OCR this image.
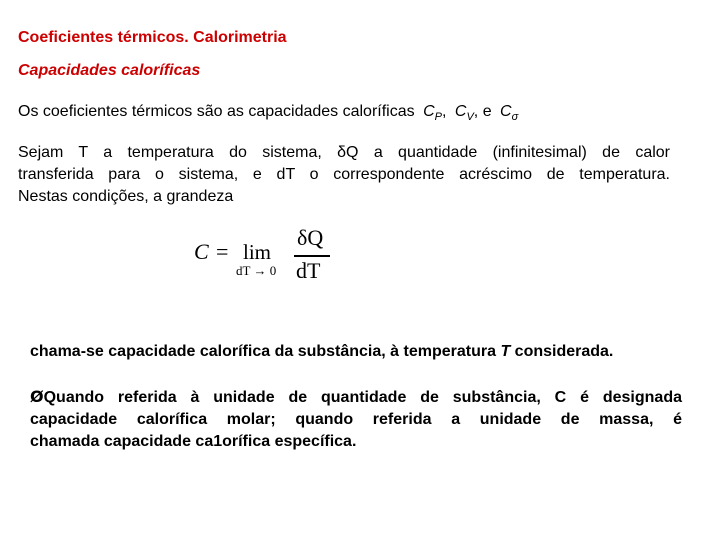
Coeficientes térmicos. Calorimetria
Capacidades caloríficas
Os coeficientes térmicos são as capacidades caloríficas $C_P$, $C_V$, e $C_\sigma$
Sejam T a temperatura do sistema, δQ a quantidade (infinitesimal) de calor
transferida para o sistema, e dT o correspondente acréscimo de temperatura.
Nestas condições, a grandeza
C = lim
dT → 0
δQ
dT
chama-se capacidade calorífica da substância, à temperatura T considerada.
ØQuando referida à unidade de quantidade de substância, C é designada
capacidade calorífica molar; quando referida a unidade de massa, é
chamada capacidade ca1orífica específica.
